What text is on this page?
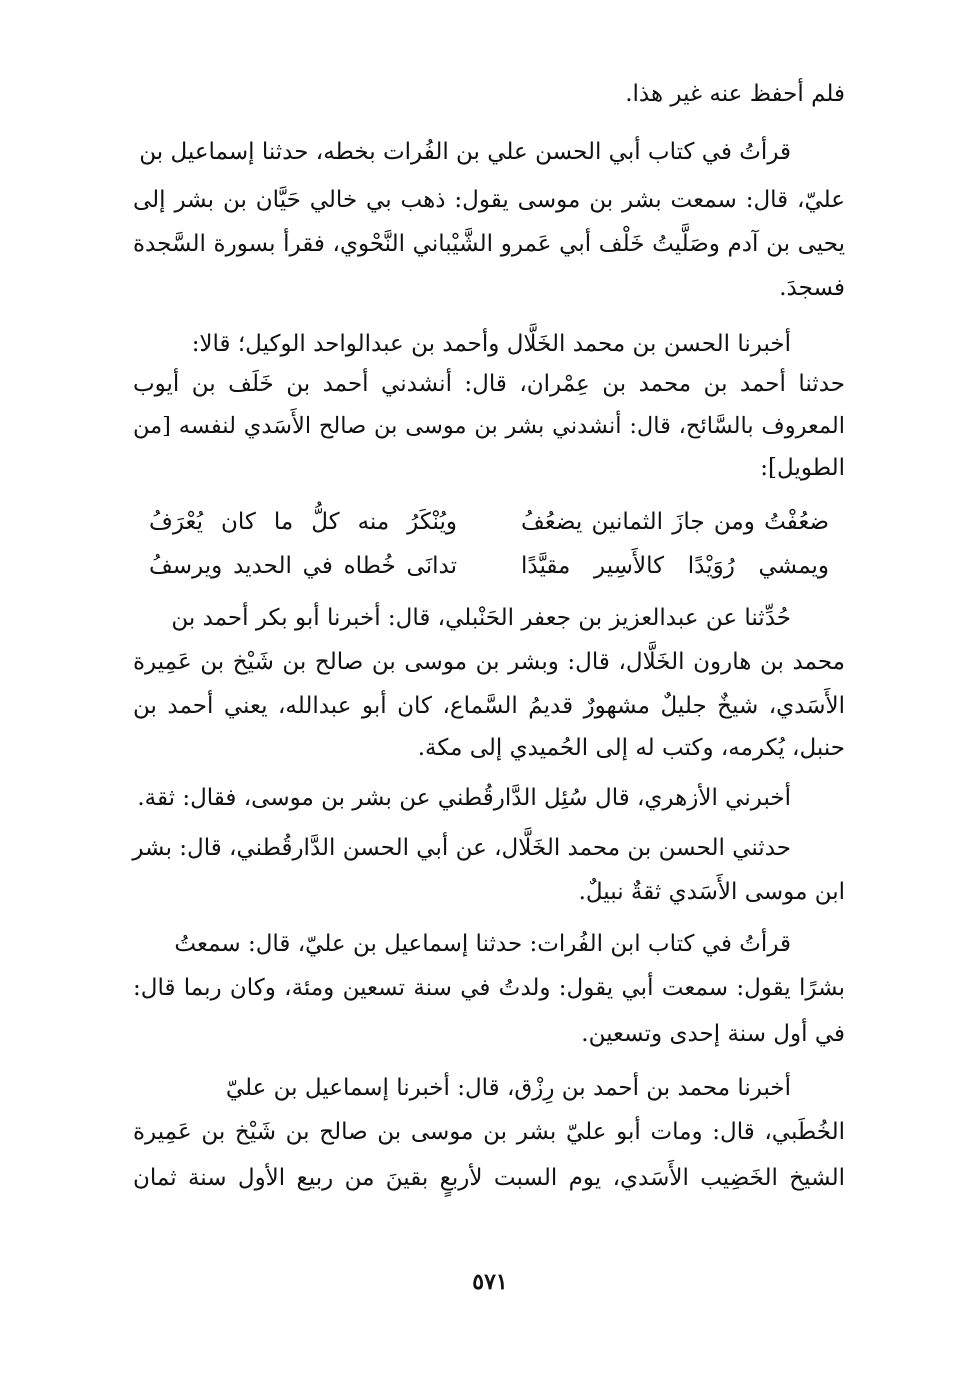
فلم أحفظ عنه غير هذا.
قرأتُ في كتاب أبي الحسن علي بن الفُرات بخطه، حدثنا إسماعيل بن
عليّ، قال: سمعت بشر بن موسى يقول: ذهب بي خالي حَيَّان بن بشر إلى
يحيى بن آدم وصَلَّيتُ خَلْف أبي عَمرو الشَّيْباني النَّحْوي، فقرأ بسورة السَّجدة
فسجدَ.
أخبرنا الحسن بن محمد الخَلَّال وأحمد بن عبدالواحد الوكيل؛ قالا:
حدثنا أحمد بن محمد بن عِمْران، قال: أنشدني أحمد بن خَلَف بن أيوب
المعروف بالسَّائح، قال: أنشدني بشر بن موسى بن صالح الأَسَدي لنفسه [من
الطويل]:
ضعُفْتُ ومن جازَ الثمانين يضعُفُ
ويُنْكَرُ منه كلُّ ما كان يُعْرَفُ
ويمشي رُوَيْدًا كالأَسِير مقيَّدًا
تدانَى خُطاه في الحديد ويرسفُ
حُدِّثنا عن عبدالعزيز بن جعفر الحَنْبلي، قال: أخبرنا أبو بكر أحمد بن
محمد بن هارون الخَلَّال، قال: وبشر بن موسى بن صالح بن شَيْخ بن عَمِيرة
الأَسَدي، شيخٌ جليلٌ مشهورٌ قديمُ السَّماع، كان أبو عبدالله، يعني أحمد بن
حنبل، يُكرمه، وكتب له إلى الحُميدي إلى مكة.
أخبرني الأزهري، قال سُئِل الدَّارقُطني عن بشر بن موسى، فقال: ثقة.
حدثني الحسن بن محمد الخَلَّال، عن أبي الحسن الدَّارقُطني، قال: بشر
ابن موسى الأَسَدي ثقةٌ نبيلٌ.
قرأتُ في كتاب ابن الفُرات: حدثنا إسماعيل بن عليّ، قال: سمعتُ
بشرًا يقول: سمعت أبي يقول: ولدتُ في سنة تسعين ومئة، وكان ربما قال:
في أول سنة إحدى وتسعين.
أخبرنا محمد بن أحمد بن رِزْق، قال: أخبرنا إسماعيل بن عليّ
الخُطَبي، قال: ومات أبو عليّ بشر بن موسى بن صالح بن شَيْخ بن عَمِيرة
الشيخ الخَضِيب الأَسَدي، يوم السبت لأربعٍ بقينَ من ربيع الأول سنة ثمان
٥٧١
